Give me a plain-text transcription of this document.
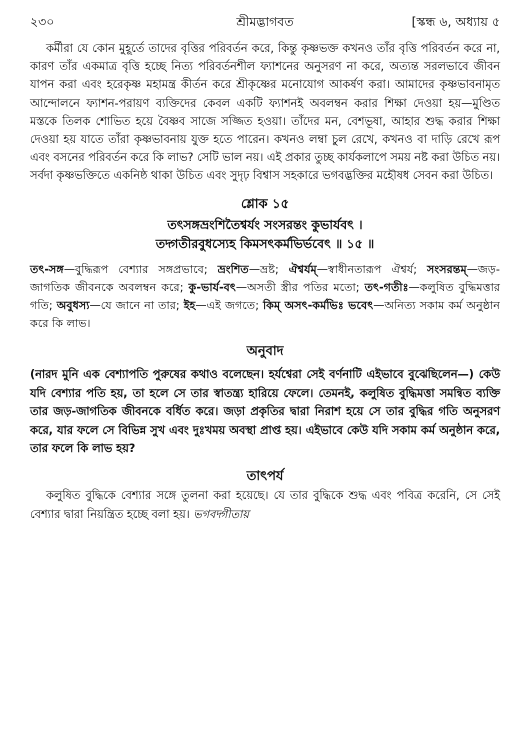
২৩০	শ্রীমদ্ভাগবত	[স্কন্ধ ৬, অধ্যায় ৫

কর্মীরা যে কোন মুহূর্তে তাদের বৃত্তির পরিবর্তন করে, কিন্তু কৃষ্ণভক্ত কখনও তাঁর বৃত্তি পরিবর্তন করে না, কারণ তাঁর একমাত্র বৃত্তি হচ্ছে নিত্য পরিবর্তনশীল ফ্যাশনের অনুসরণ না করে, অত্যন্ত সরলভাবে জীবন যাপন করা এবং হরেকৃষ্ণ মহামন্ত্র কীর্তন করে শ্রীকৃষ্ণের মনোযোগ আকর্ষণ করা। আমাদের কৃষ্ণভাবনামৃত আন্দোলনে ফ্যাশন-পরায়ণ ব্যক্তিদের কেবল একটি ফ্যাশনই অবলম্বন করার শিক্ষা দেওয়া হয়—মুণ্ডিত মস্তকে তিলক শোভিত হয়ে বৈষ্ণব সাজে সজ্জিত হওয়া। তাঁদের মন, বেশভূষা, আহার শুদ্ধ করার শিক্ষা দেওয়া হয় যাতে তাঁরা কৃষ্ণভাবনায় যুক্ত হতে পারেন। কখনও লম্বা চুল রেখে, কখনও বা দাড়ি রেখে রূপ এবং বসনের পরিবর্তন করে কি লাভ? সেটি ভাল নয়। এই প্রকার তুচ্ছ কার্যকলাপে সময় নষ্ট করা উচিত নয়। সর্বদা কৃষ্ণভক্তিতে একনিষ্ঠ থাকা উচিত এবং সুদৃঢ় বিশ্বাস সহকারে ভগবদ্ভক্তির মহৌষধ সেবন করা উচিত।

শ্লোক ১৫

তৎসঙ্গভ্রংশিতৈশ্বর্যং সংসরন্তং কুভার্যবৎ ।

তদ্গতীরবুধস্যেহ কিমসৎকর্মভির্ভবেৎ ॥ ১৫ ॥

তৎ-সঙ্গ—বুদ্ধিরূপ বেশ্যার সঙ্গপ্রভাবে; ভ্রংশিত—ভ্রষ্ট; ঐশ্বর্যম্—স্বাধীনতারূপ ঐশ্বর্য; সংসরন্তম্—জড়-জাগতিক জীবনকে অবলম্বন করে; কু-ভার্য-বৎ—অসতী স্ত্রীর পতির মতো; তৎ-গতীঃ—কলুষিত বুদ্ধিমত্তার গতি; অবুধস্য—যে জানে না তার; ইহ—এই জগতে; কিম্ অসৎ-কর্মভিঃ ভবেৎ—অনিত্য সকাম কর্ম অনুষ্ঠান করে কি লাভ।

অনুবাদ

(নারদ মুনি এক বেশ্যাপতি পুরুষের কথাও বলেছেন। হর্যশ্বেরা সেই বর্ণনাটি এইভাবে বুঝেছিলেন—) কেউ যদি বেশ্যার পতি হয়, তা হলে সে তার স্বাতন্ত্র্য হারিয়ে ফেলে। তেমনই, কলুষিত বুদ্ধিমত্তা সমন্বিত ব্যক্তি তার জড়-জাগতিক জীবনকে বর্ধিত করে। জড়া প্রকৃতির দ্বারা নিরাশ হয়ে সে তার বুদ্ধির গতি অনুসরণ করে, যার ফলে সে বিভিন্ন সুখ এবং দুঃখময় অবস্থা প্রাপ্ত হয়। এইভাবে কেউ যদি সকাম কর্ম অনুষ্ঠান করে, তার ফলে কি লাভ হয়?

তাৎপর্য

কলুষিত বুদ্ধিকে বেশ্যার সঙ্গে তুলনা করা হয়েছে। যে তার বুদ্ধিকে শুদ্ধ এবং পবিত্র করেনি, সে সেই বেশ্যার দ্বারা নিয়ন্ত্রিত হচ্ছে বলা হয়। ভগবদ্গীতায়
